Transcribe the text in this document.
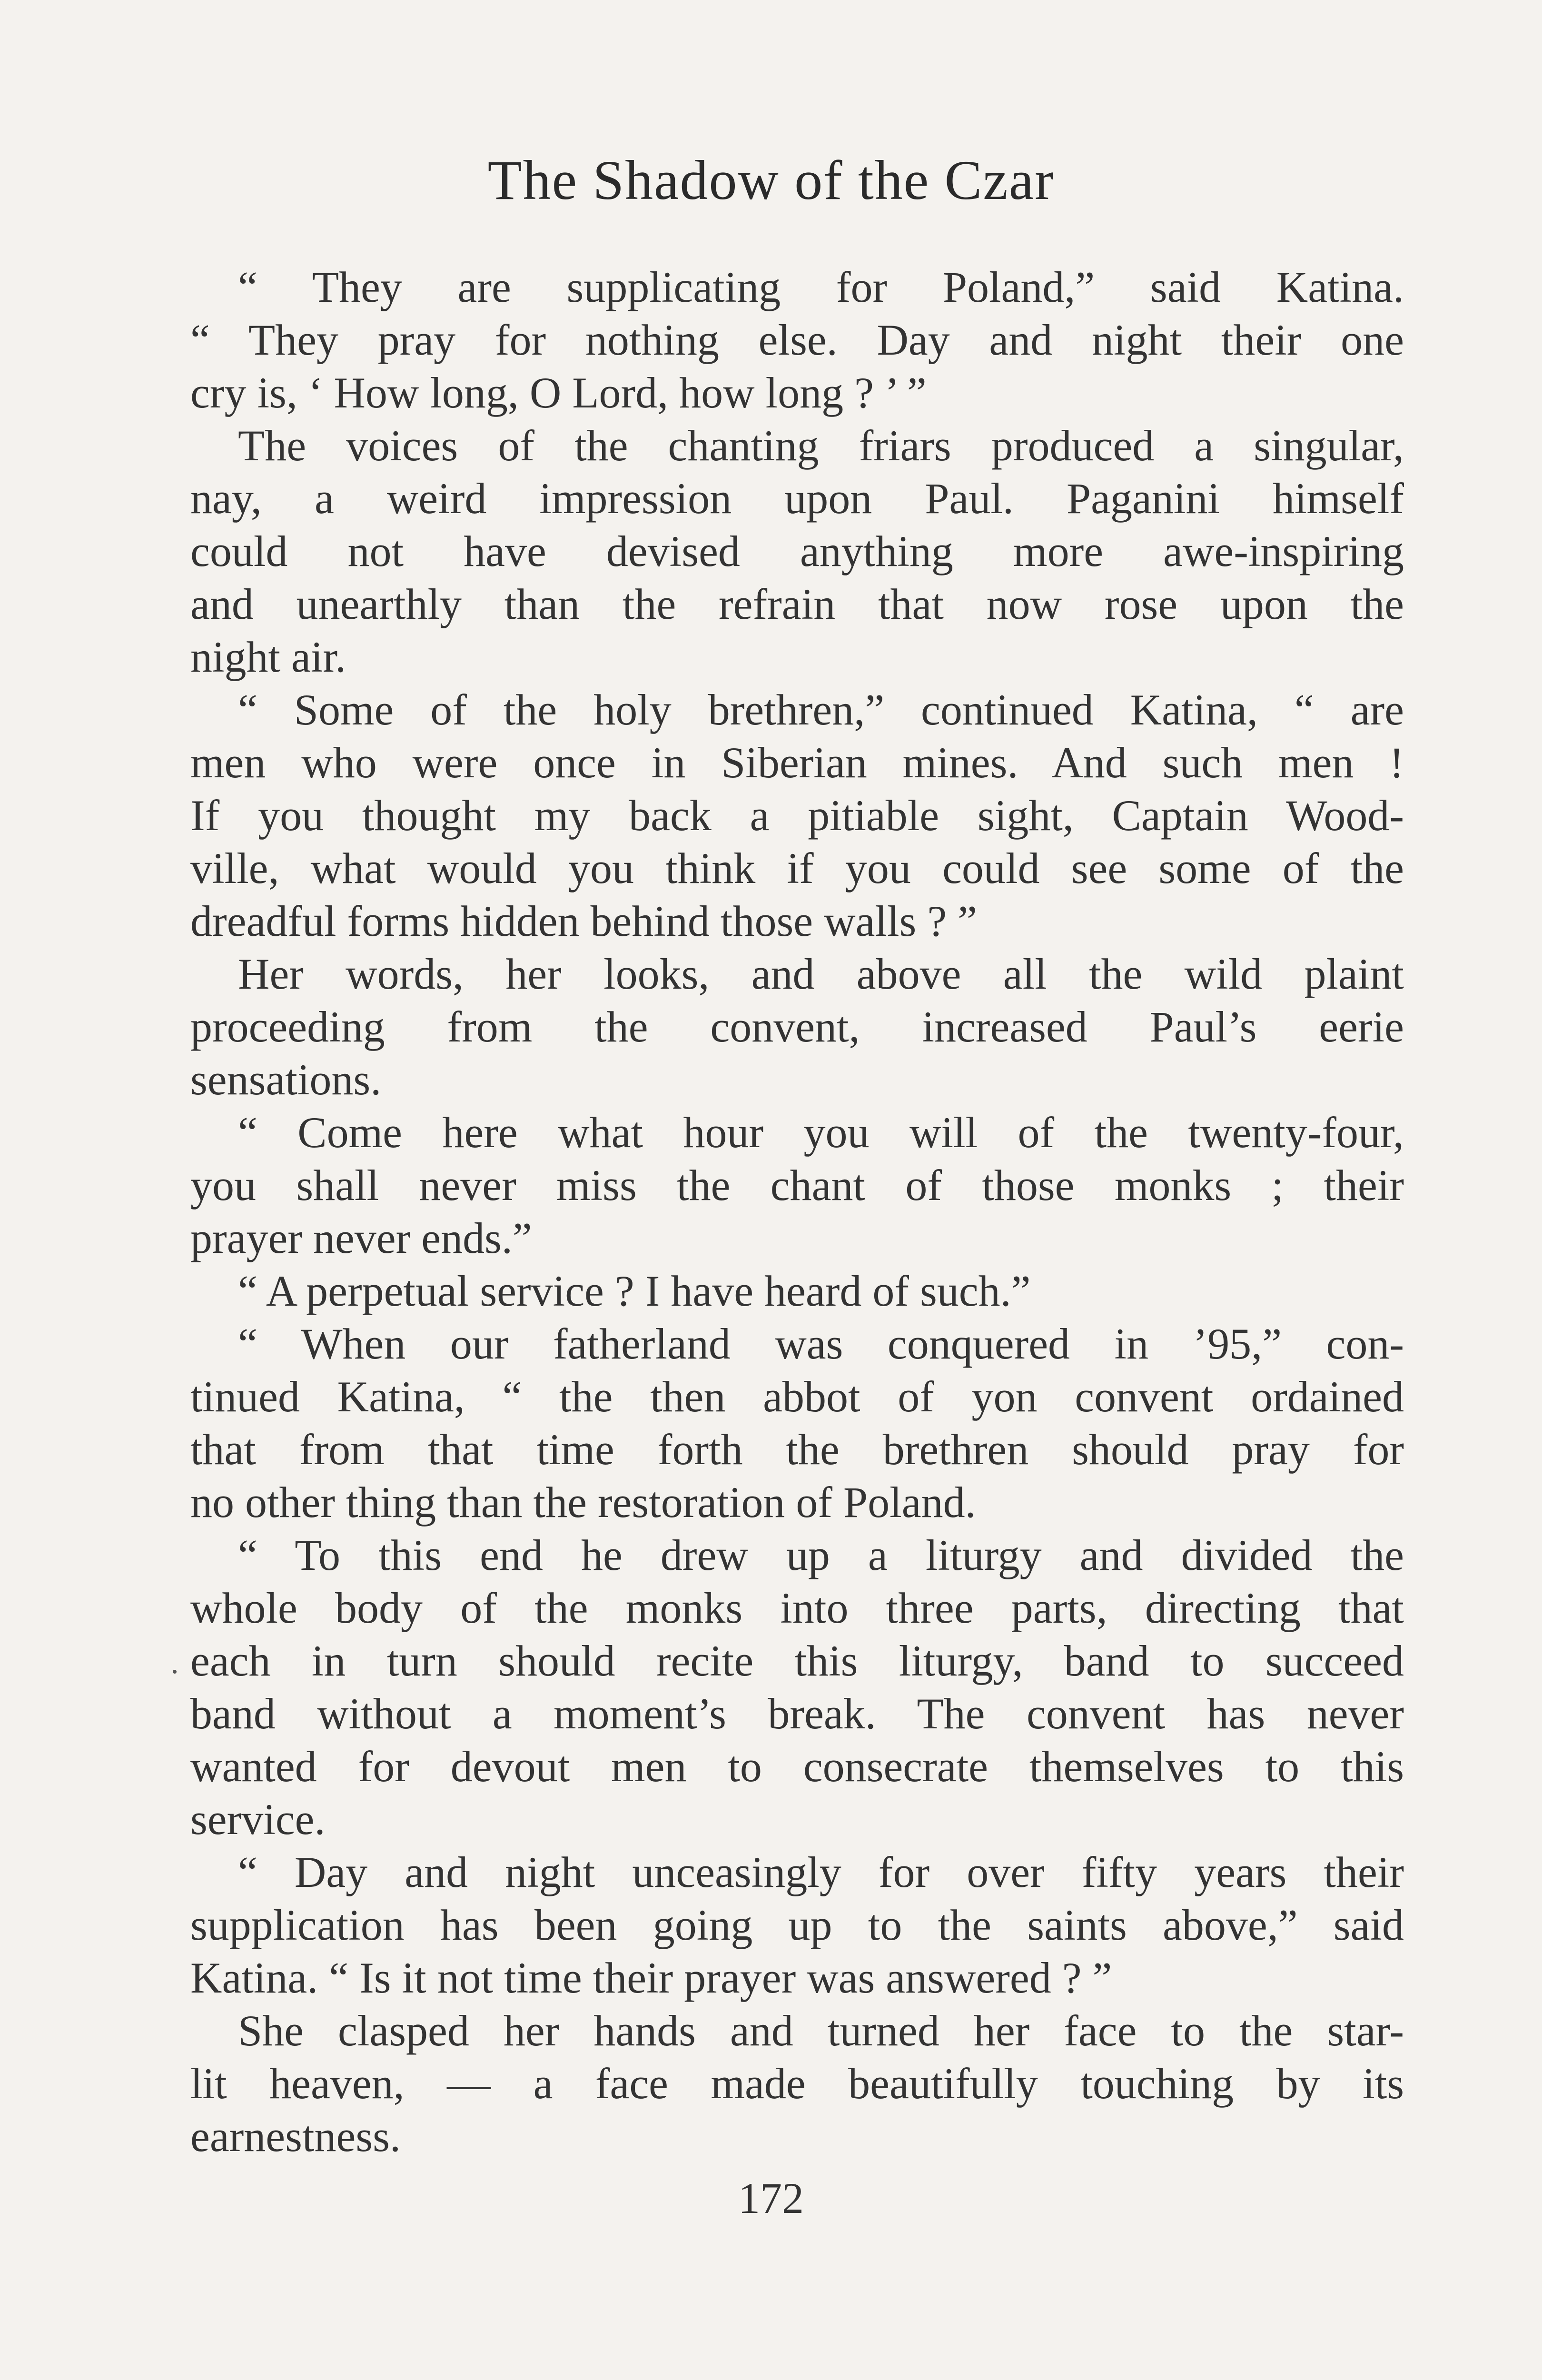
The Shadow of the Czar
“ They are supplicating for Poland,” said Katina.
“ They pray for nothing else. Day and night their one
cry is, ‘ How long, O Lord, how long ? ’ ”
The voices of the chanting friars produced a singular,
nay, a weird impression upon Paul. Paganini himself
could not have devised anything more awe-inspiring
and unearthly than the refrain that now rose upon the
night air.
“ Some of the holy brethren,” continued Katina, “ are
men who were once in Siberian mines. And such men !
If you thought my back a pitiable sight, Captain Wood-
ville, what would you think if you could see some of the
dreadful forms hidden behind those walls ? ”
Her words, her looks, and above all the wild plaint
proceeding from the convent, increased Paul’s eerie
sensations.
“ Come here what hour you will of the twenty-four,
you shall never miss the chant of those monks ; their
prayer never ends.”
“ A perpetual service ? I have heard of such.”
“ When our fatherland was conquered in ’95,” con-
tinued Katina, “ the then abbot of yon convent ordained
that from that time forth the brethren should pray for
no other thing than the restoration of Poland.
“ To this end he drew up a liturgy and divided the
whole body of the monks into three parts, directing that
each in turn should recite this liturgy, band to succeed
band without a moment’s break. The convent has never
wanted for devout men to consecrate themselves to this
service.
“ Day and night unceasingly for over fifty years their
supplication has been going up to the saints above,” said
Katina. “ Is it not time their prayer was answered ? ”
She clasped her hands and turned her face to the star-
lit heaven, — a face made beautifully touching by its
earnestness.
172
